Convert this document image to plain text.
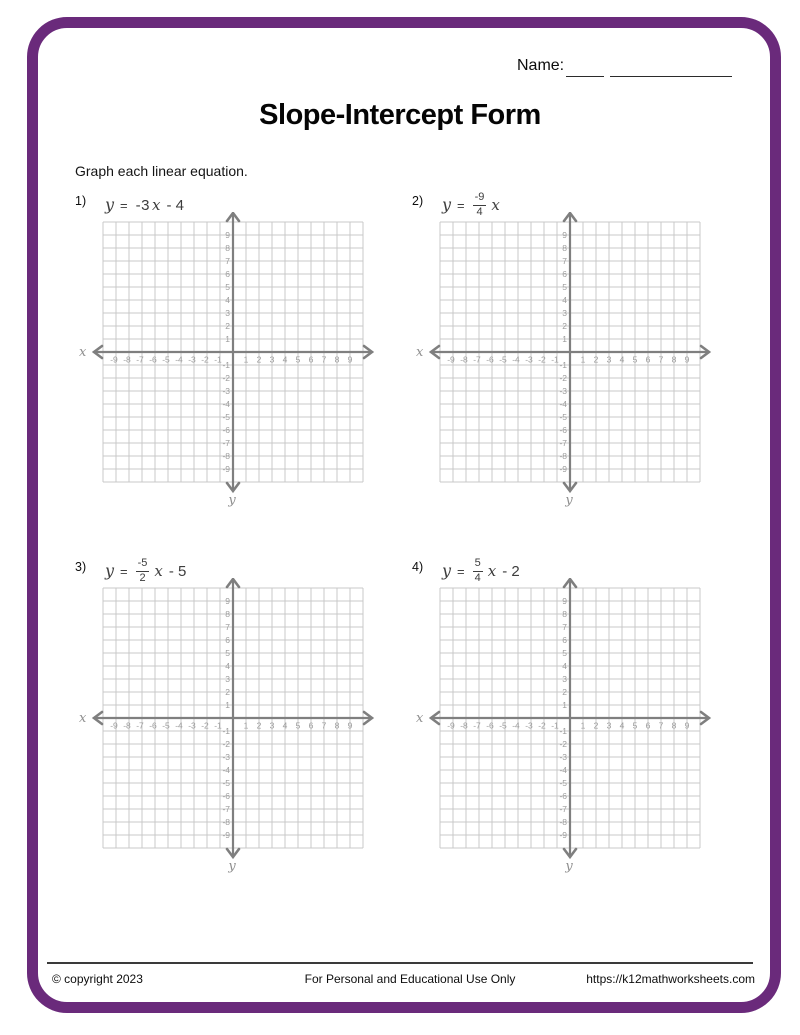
Name:
Slope-Intercept Form
Graph each linear equation.
1) y = -3 x - 4
-9 -8 -7 -6 -5 -4 -3 -2 -1	1 2 3 4 5 6 7 8 9
9
8
7
6
5
4
3
2
1
-1
-2
-3
-4
-5
-6
-7
-8
-9
x
y
2) $y = \frac{-9}{4}$ x
-9 -8 -7 -6 -5 -4 -3 -2 -1	1 2 3 4 5 6 7 8 9
9
8
7
6
5
4
3
2
1
-1
-2
-3
-4
-5
-6
-7
-8
-9
x
y
3) $y = \frac{-5}{2}$ x - 5
-9 -8 -7 -6 -5 -4 -3 -2 -1	1 2 3 4 5 6 7 8 9
9
8
7
6
5
4
3
2
1
-1
-2
-3
-4
-5
-6
-7
-8
-9
x
y
4) $y = \frac{5}{4}$ x - 2
-9 -8 -7 -6 -5 -4 -3 -2 -1	1 2 3 4 5 6 7 8 9
9
8
7
6
5
4
3
2
1
-1
-2
-3
-4
-5
-6
-7
-8
-9
x
y
© copyright 2023	For Personal and Educational Use Only	https://k12mathworksheets.com
